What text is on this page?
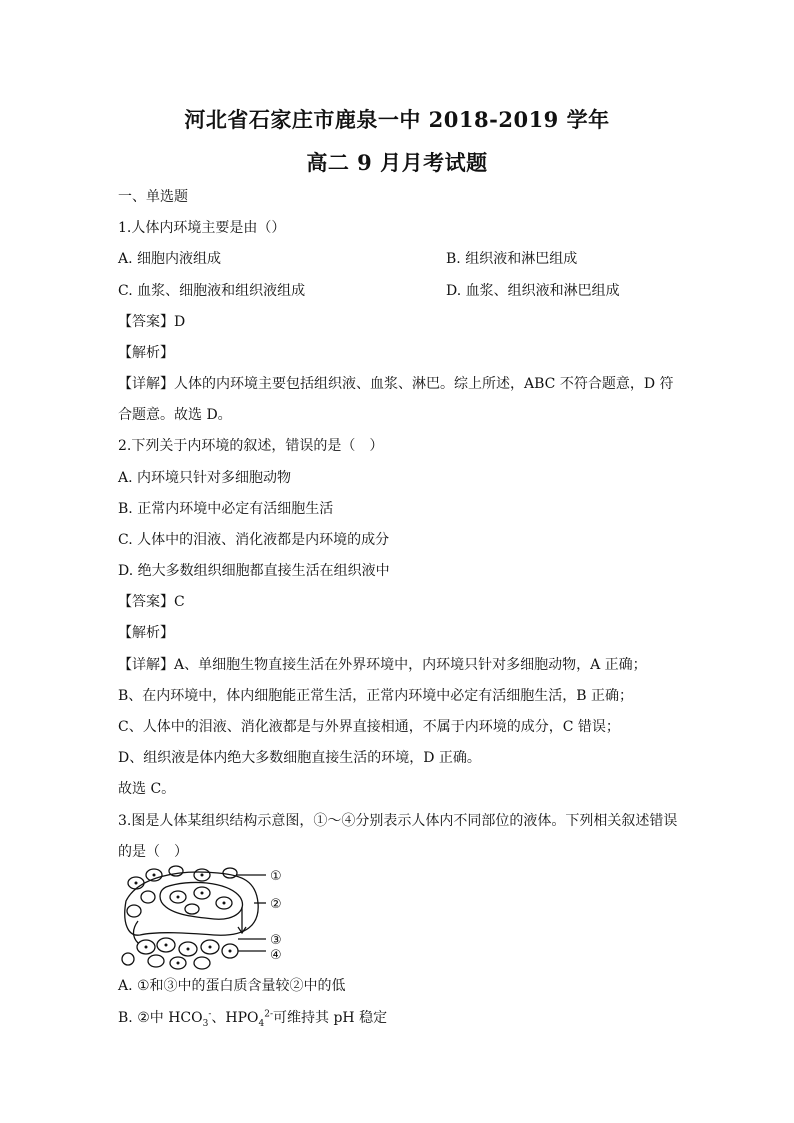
河北省石家庄市鹿泉一中 2018-2019 学年
高二 9 月月考试题
一、单选题
1.人体内环境主要是由（）
A. 细胞内液组成	B. 组织液和淋巴组成
C. 血浆、细胞液和组织液组成	D. 血浆、组织液和淋巴组成
【答案】D
【解析】
【详解】人体的内环境主要包括组织液、血浆、淋巴。综上所述，ABC 不符合题意，D 符
合题意。故选 D。
2.下列关于内环境的叙述，错误的是（　）
A. 内环境只针对多细胞动物
B. 正常内环境中必定有活细胞生活
C. 人体中的泪液、消化液都是内环境的成分
D. 绝大多数组织细胞都直接生活在组织液中
【答案】C
【解析】
【详解】A、单细胞生物直接生活在外界环境中，内环境只针对多细胞动物，A 正确；
B、在内环境中，体内细胞能正常生活，正常内环境中必定有活细胞生活，B 正确；
C、人体中的泪液、消化液都是与外界直接相通，不属于内环境的成分，C 错误；
D、组织液是体内绝大多数细胞直接生活的环境，D 正确。
故选 C。
3.图是人体某组织结构示意图，①～④分别表示人体内不同部位的液体。下列相关叙述错误
的是（　）
①
②
③
④
A. ①和③中的蛋白质含量较②中的低
B. ②中 $HCO_3^-$、$HPO_4^{2-}$可维持其 pH 稳定
